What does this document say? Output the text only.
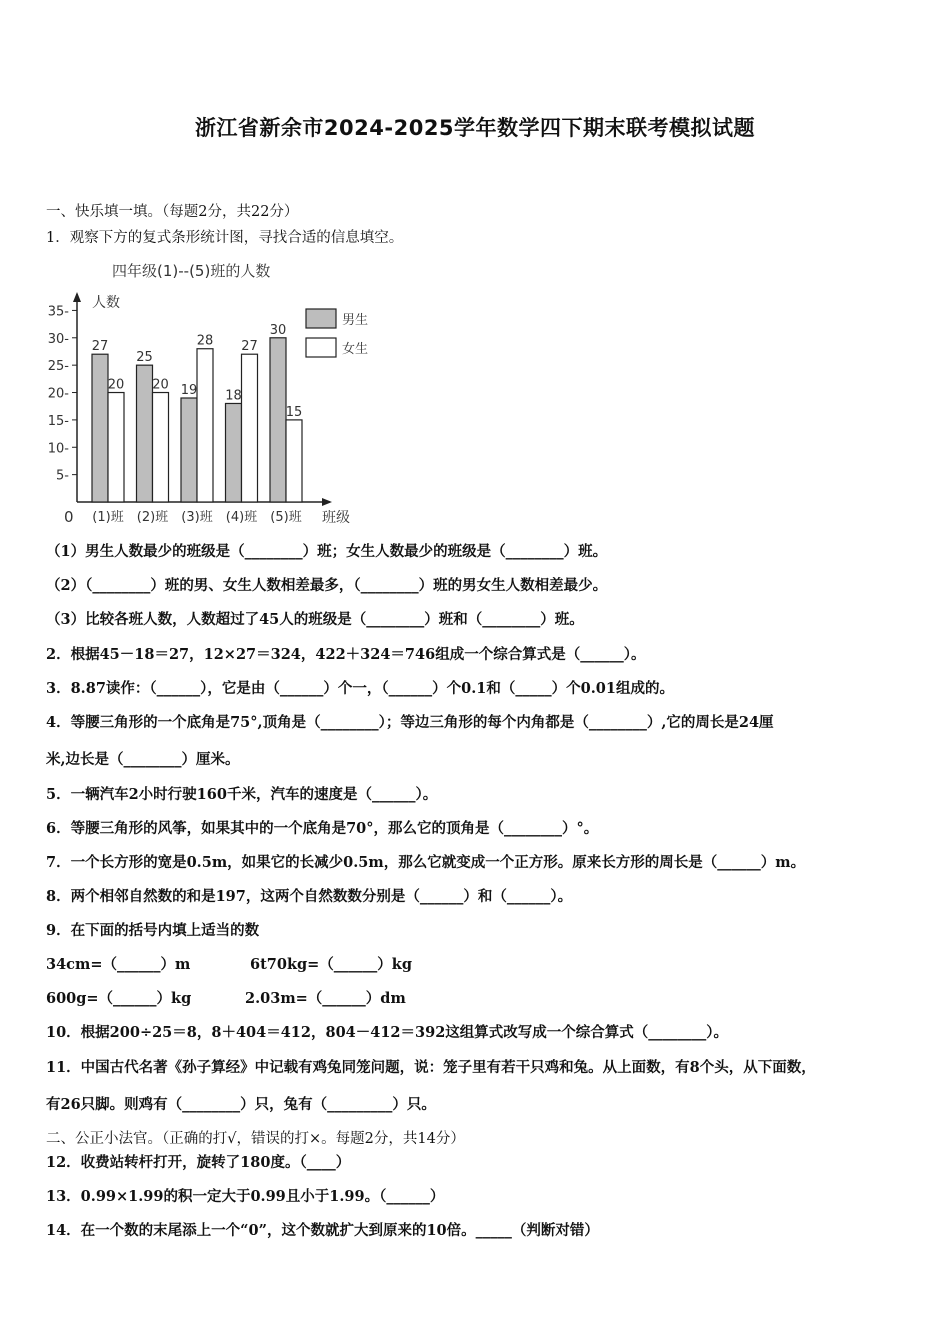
浙江省新余市2024-2025学年数学四下期末联考模拟试题
一、快乐填一填。（每题2分，共22分）
1．观察下方的复式条形统计图，寻找合适的信息填空。
四年级(1)--(5)班的人数
5-
10-
15-
20-
25-
30-
35-
27
20
(1)班
25
20
(2)班
19
28
(3)班
18
27
(4)班
30
15
(5)班
男生
女生
人数
班级
0
（1）男生人数最少的班级是（________）班；女生人数最少的班级是（________）班。
（2）（________）班的男、女生人数相差最多，（________）班的男女生人数相差最少。
（3）比较各班人数，人数超过了45人的班级是（________）班和（________）班。
2．根据45－18＝27，12×27＝324，422＋324＝746组成一个综合算式是（______）。
3．8.87读作：（______），它是由（______）个一，（______）个0.1和（_____）个0.01组成的。
4．等腰三角形的一个底角是75°,顶角是（________）；等边三角形的每个内角都是（________）,它的周长是24厘
米,边长是（________）厘米。
5．一辆汽车2小时行驶160千米，汽车的速度是（______）。
6．等腰三角形的风筝，如果其中的一个底角是70°，那么它的顶角是（________）°。
7．一个长方形的宽是0.5m，如果它的长减少0.5m，那么它就变成一个正方形。原来长方形的周长是（______）m。
8．两个相邻自然数的和是197，这两个自然数数分别是（______）和（______）。
9．在下面的括号内填上适当的数
34cm=（______）m	6t70kg=（______）kg
600g=（______）kg	2.03m=（______）dm
10．根据200÷25＝8，8＋404＝412，804－412＝392这组算式改写成一个综合算式（________）。
11．中国古代名著《孙子算经》中记载有鸡兔同笼问题，说：笼子里有若干只鸡和兔。从上面数，有8个头，从下面数，
有26只脚。则鸡有（________）只，兔有（_________）只。
二、公正小法官。（正确的打√，错误的打×。每题2分，共14分）
12．收费站转杆打开，旋转了180度。（____）
13．0.99×1.99的积一定大于0.99且小于1.99。（______）
14．在一个数的末尾添上一个“0”，这个数就扩大到原来的10倍。_____（判断对错）
